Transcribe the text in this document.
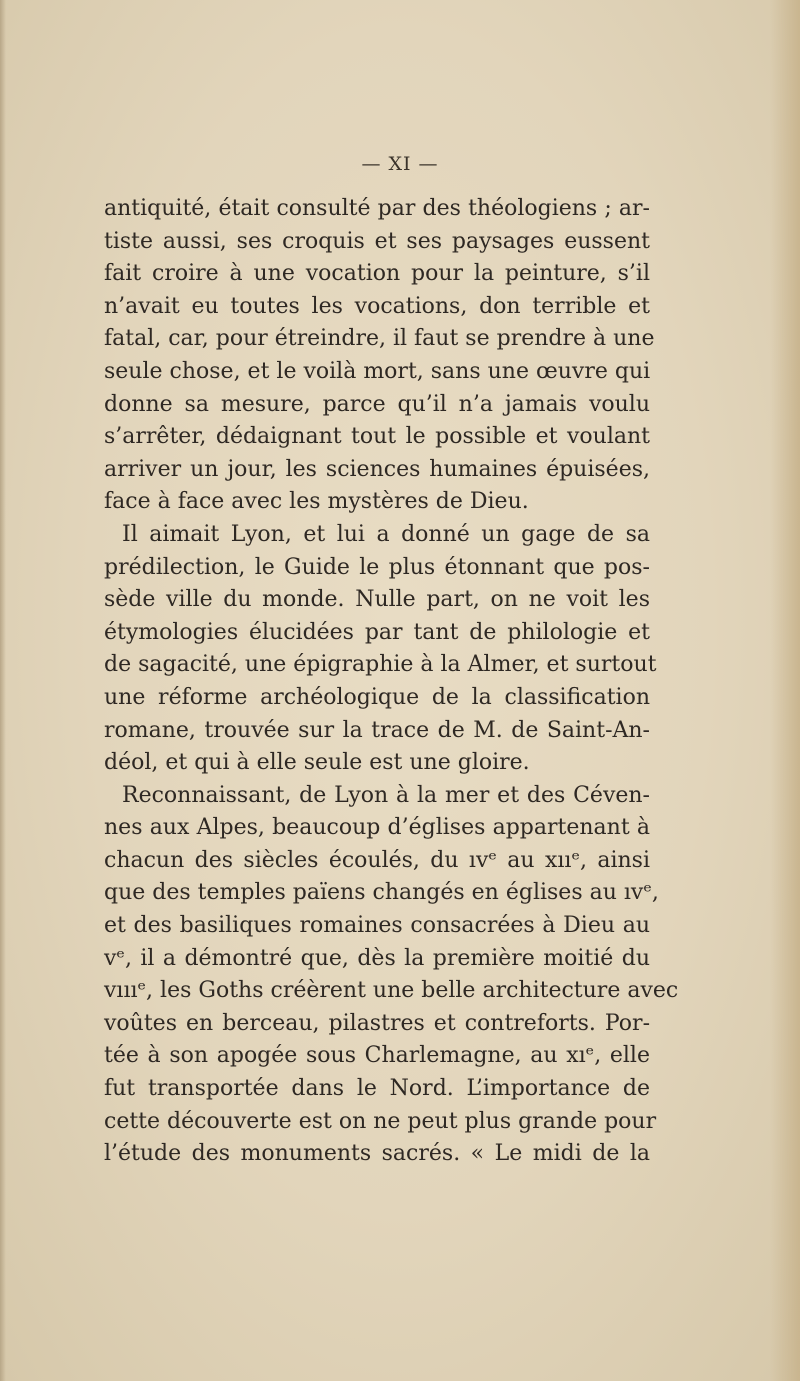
— XI —
antiquité, était consulté par des théologiens ; ar-
tiste aussi, ses croquis et ses paysages eussent
fait croire à une vocation pour la peinture, s’il
n’avait eu toutes les vocations, don terrible et
fatal, car, pour étreindre, il faut se prendre à une
seule chose, et le voilà mort, sans une œuvre qui
donne sa mesure, parce qu’il n’a jamais voulu
s’arrêter, dédaignant tout le possible et voulant
arriver un jour, les sciences humaines épuisées,
face à face avec les mystères de Dieu.
Il aimait Lyon, et lui a donné un gage de sa
prédilection, le Guide le plus étonnant que pos-
sède ville du monde. Nulle part, on ne voit les
étymologies élucidées par tant de philologie et
de sagacité, une épigraphie à la Almer, et surtout
une réforme archéologique de la classification
romane, trouvée sur la trace de M. de Saint-An-
déol, et qui à elle seule est une gloire.
Reconnaissant, de Lyon à la mer et des Céven-
nes aux Alpes, beaucoup d’églises appartenant à
chacun des siècles écoulés, du ıvᵉ au xııᵉ, ainsi
que des temples païens changés en églises au ıvᵉ,
et des basiliques romaines consacrées à Dieu au
vᵉ, il a démontré que, dès la première moitié du
vıııᵉ, les Goths créèrent une belle architecture avec
voûtes en berceau, pilastres et contreforts. Por-
tée à son apogée sous Charlemagne, au xıᵉ, elle
fut transportée dans le Nord. L’importance de
cette découverte est on ne peut plus grande pour
l’étude des monuments sacrés. « Le midi de la
